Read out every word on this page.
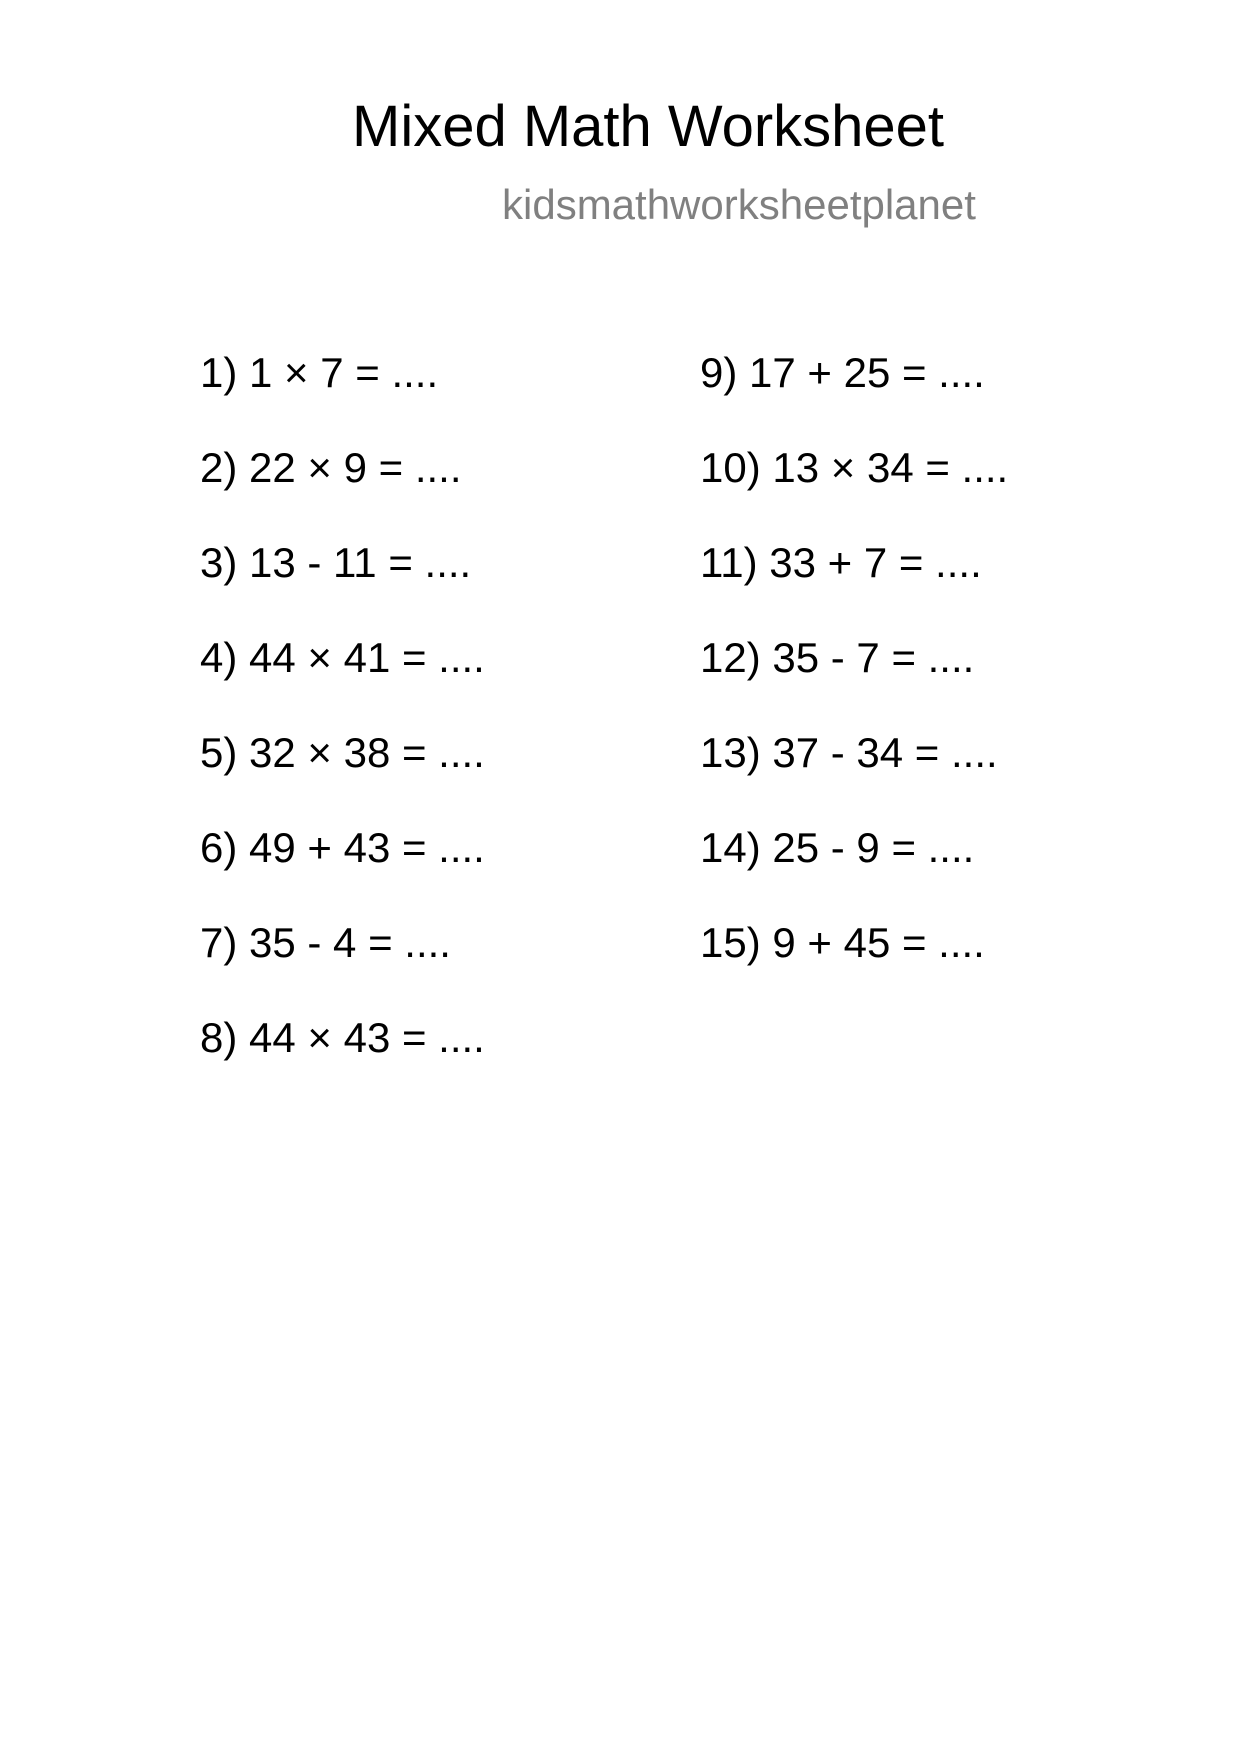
Mixed Math Worksheet
kidsmathworksheetplanet
1) 1 × 7 = ....
2) 22 × 9 = ....
3) 13 - 11 = ....
4) 44 × 41 = ....
5) 32 × 38 = ....
6) 49 + 43 = ....
7) 35 - 4 = ....
8) 44 × 43 = ....
9) 17 + 25 = ....
10) 13 × 34 = ....
11) 33 + 7 = ....
12) 35 - 7 = ....
13) 37 - 34 = ....
14) 25 - 9 = ....
15) 9 + 45 = ....
